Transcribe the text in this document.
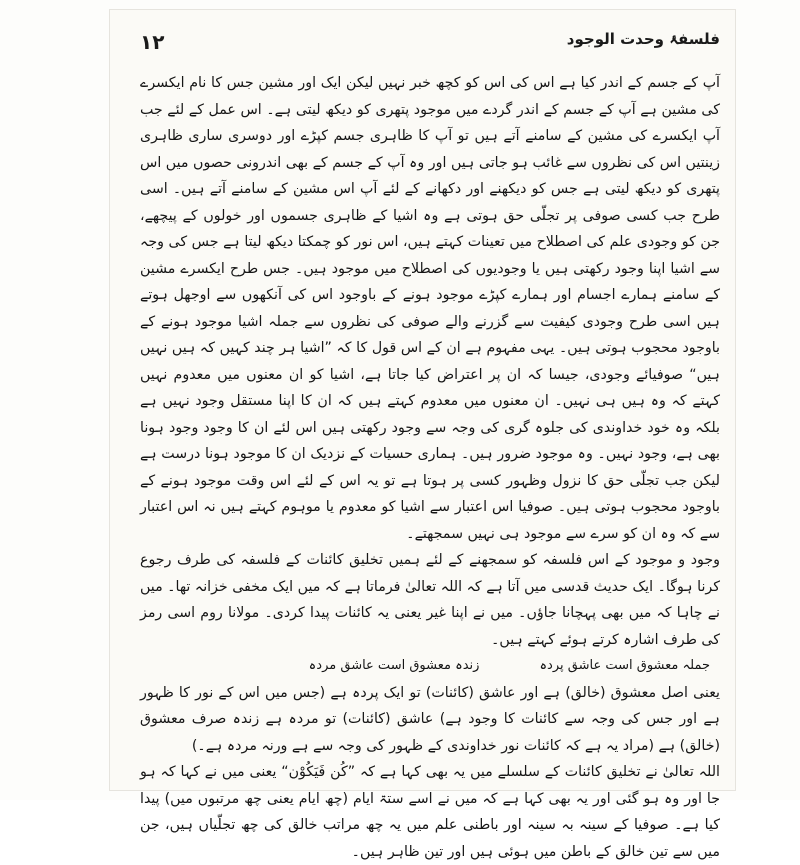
فلسفۂ وحدت الوجود
۱۲

آپ کے جسم کے اندر کیا ہے اس کی اس کو کچھ خبر نہیں لیکن ایک اور مشین جس کا نام ایکسرے کی مشین ہے آپ کے جسم کے اندر گردے میں موجود پتھری کو دیکھ لیتی ہے۔ اس عمل کے لئے جب آپ ایکسرے کی مشین کے سامنے آتے ہیں تو آپ کا ظاہری جسم کپڑے اور دوسری ساری ظاہری زینتیں اس کی نظروں سے غائب ہو جاتی ہیں اور وہ آپ کے جسم کے بھی اندرونی حصوں میں اس پتھری کو دیکھ لیتی ہے جس کو دیکھنے اور دکھانے کے لئے آپ اس مشین کے سامنے آتے ہیں۔ اسی طرح جب کسی صوفی پر تجلّی حق ہوتی ہے وہ اشیا کے ظاہری جسموں اور خولوں کے پیچھے، جن کو وجودی علم کی اصطلاح میں تعینات کہتے ہیں، اس نور کو چمکتا دیکھ لیتا ہے جس کی وجہ سے اشیا اپنا وجود رکھتی ہیں یا وجودیوں کی اصطلاح میں موجود ہیں۔ جس طرح ایکسرے مشین کے سامنے ہمارے اجسام اور ہمارے کپڑے موجود ہونے کے باوجود اس کی آنکھوں سے اوجھل ہوتے ہیں اسی طرح وجودی کیفیت سے گزرنے والے صوفی کی نظروں سے جملہ اشیا موجود ہونے کے باوجود محجوب ہوتی ہیں۔ یہی مفہوم ہے ان کے اس قول کا کہ ”اشیا ہر چند کہیں کہ ہیں نہیں ہیں“ صوفیائے وجودی، جیسا کہ ان پر اعتراض کیا جاتا ہے، اشیا کو ان معنوں میں معدوم نہیں کہتے کہ وہ ہیں ہی نہیں۔ ان معنوں میں معدوم کہتے ہیں کہ ان کا اپنا مستقل وجود نہیں ہے بلکہ وہ خود خداوندی کی جلوہ گری کی وجہ سے وجود رکھتی ہیں اس لئے ان کا وجود وجود ہونا بھی ہے، وجود نہیں۔ وہ موجود ضرور ہیں۔ ہماری حسیات کے نزدیک ان کا موجود ہونا درست ہے لیکن جب تجلّی حق کا نزول وظہور کسی پر ہوتا ہے تو یہ اس کے لئے اس وقت موجود ہونے کے باوجود محجوب ہوتی ہیں۔ صوفیا اس اعتبار سے اشیا کو معدوم یا موہوم کہتے ہیں نہ اس اعتبار سے کہ وہ ان کو سرے سے موجود ہی نہیں سمجھتے۔

وجود و موجود کے اس فلسفہ کو سمجھنے کے لئے ہمیں تخلیق کائنات کے فلسفہ کی طرف رجوع کرنا ہوگا۔ ایک حدیث قدسی میں آتا ہے کہ اللہ تعالیٰ فرماتا ہے کہ میں ایک مخفی خزانہ تھا۔ میں نے چاہا کہ میں بھی پہچانا جاؤں۔ میں نے اپنا غیر یعنی یہ کائنات پیدا کردی۔ مولانا روم اسی رمز کی طرف اشارہ کرتے ہوئے کہتے ہیں۔

جملہ معشوق است عاشق پردہ
زندہ معشوق است عاشق مردہ

یعنی اصل معشوق (خالق) ہے اور عاشق (کائنات) تو ایک پردہ ہے (جس میں اس کے نور کا ظہور ہے اور جس کی وجہ سے کائنات کا وجود ہے) عاشق (کائنات) تو مردہ ہے زندہ صرف معشوق (خالق) ہے (مراد یہ ہے کہ کائنات نور خداوندی کے ظہور کی وجہ سے ہے ورنہ مردہ ہے۔)

اللہ تعالیٰ نے تخلیق کائنات کے سلسلے میں یہ بھی کہا ہے کہ ”کُن فَیَکُوْن“ یعنی میں نے کہا کہ ہو جا اور وہ ہو گئی اور یہ بھی کہا ہے کہ میں نے اسے ستۃ ایام (چھ ایام یعنی چھ مرتبوں میں) پیدا کیا ہے۔ صوفیا کے سینہ بہ سینہ اور باطنی علم میں یہ چھ مراتب خالق کی چھ تجلّیاں ہیں، جن میں سے تین خالق کے باطن میں ہوئی ہیں اور تین ظاہر ہیں۔
